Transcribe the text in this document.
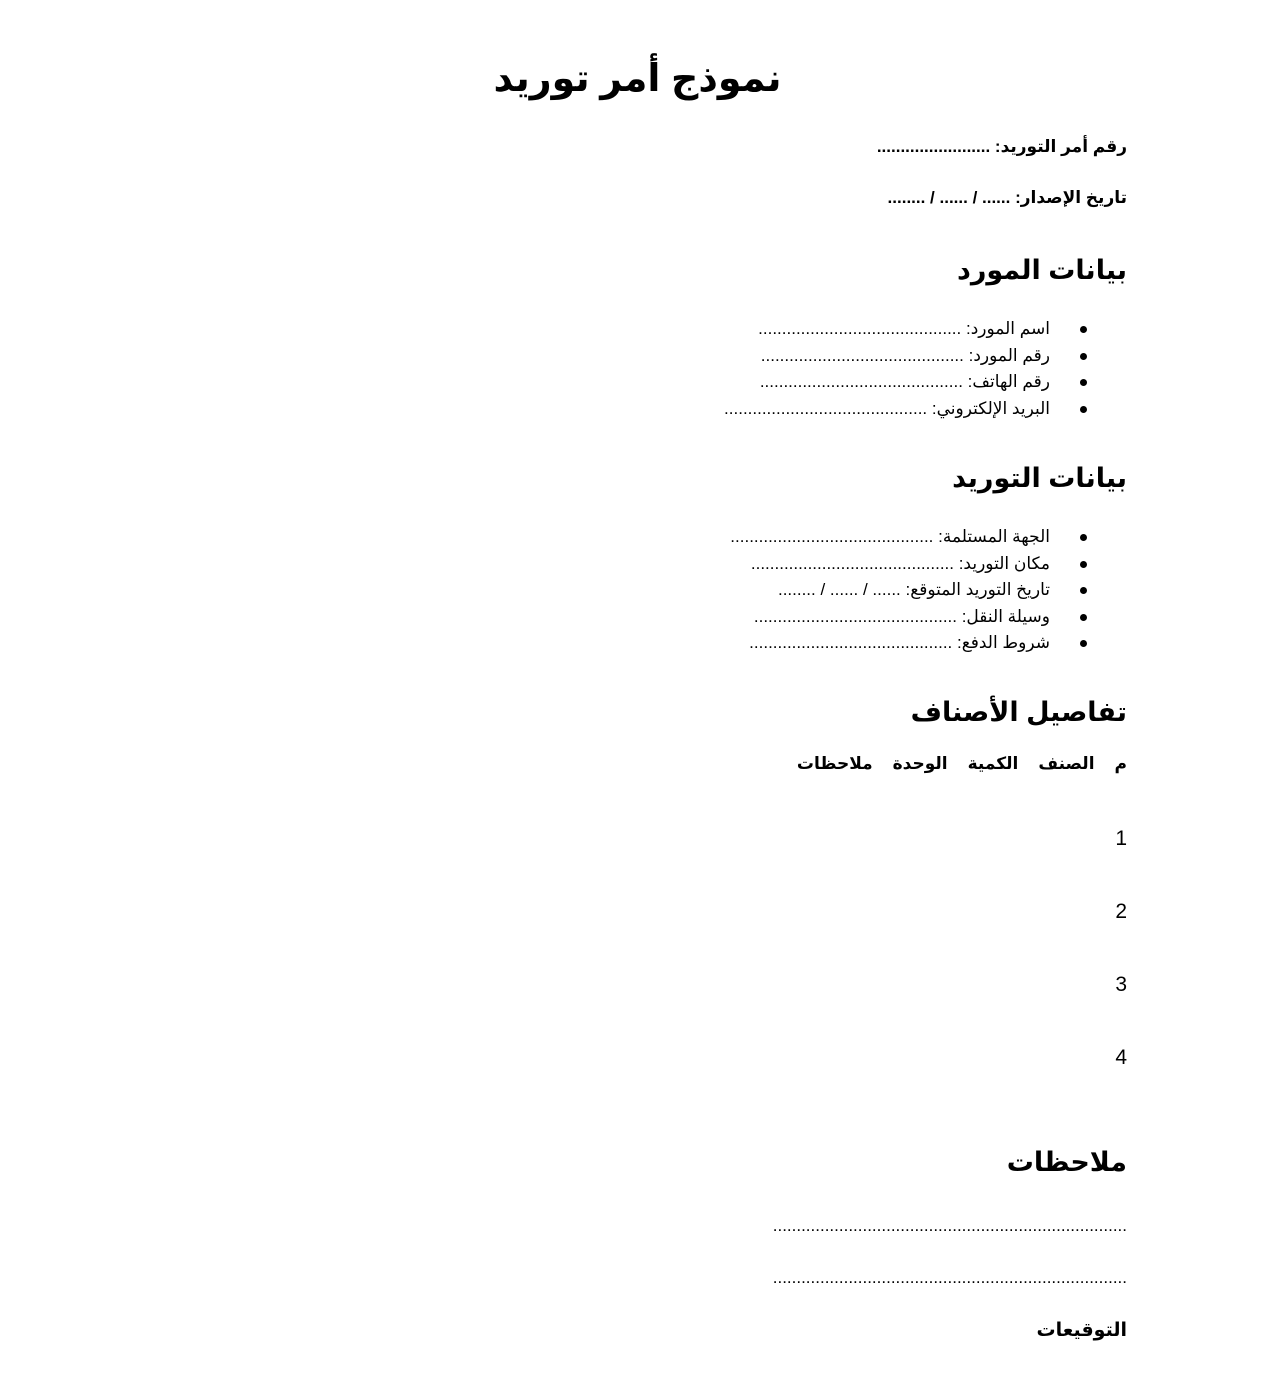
نموذج أمر توريد

رقم أمر التوريد: ........................

تاريخ الإصدار: ...... / ...... / ........

بيانات المورد
اسم المورد: ...........................................
رقم المورد: ...........................................
رقم الهاتف: ...........................................
البريد الإلكتروني: ...........................................
بيانات التوريد
الجهة المستلمة: ...........................................
مكان التوريد: ...........................................
تاريخ التوريد المتوقع: ...... / ...... / ........
وسيلة النقل: ...........................................
شروط الدفع: ...........................................
تفاصيل الأصناف
م
الصنف
الكمية
الوحدة
ملاحظات

1

2

3

4

ملاحظات
...........................................................................
...........................................................................

التوقيعات
